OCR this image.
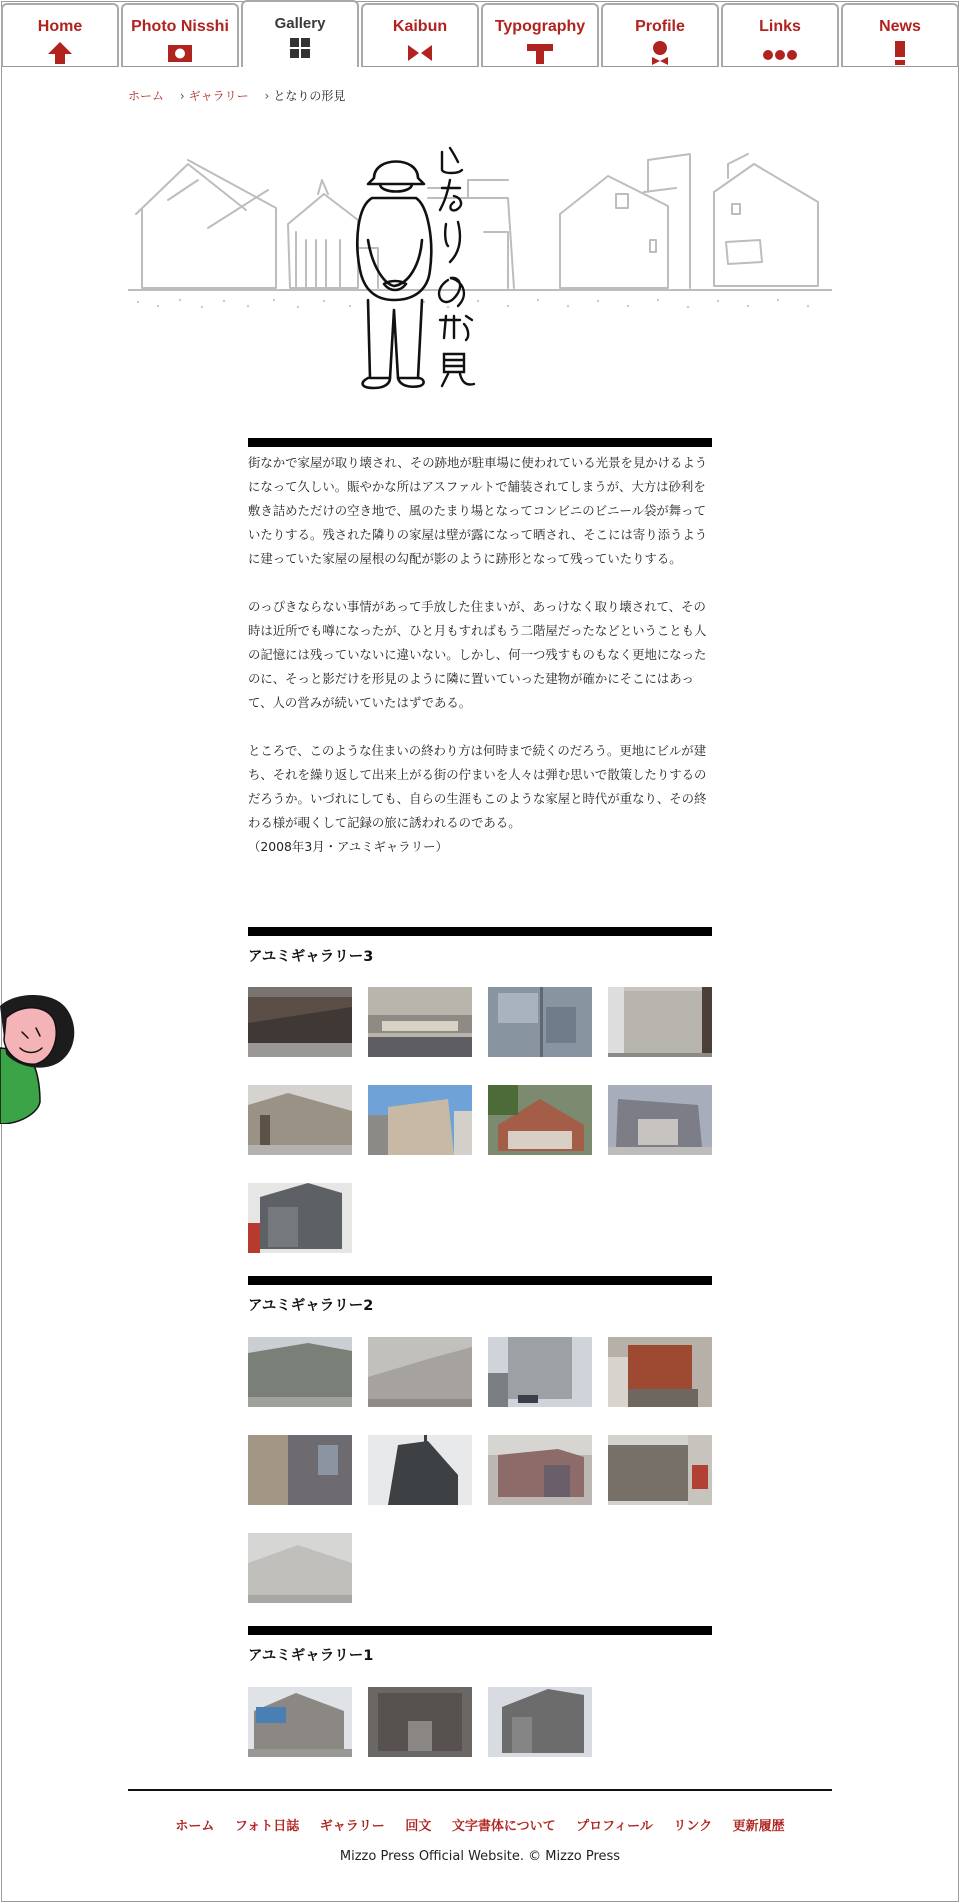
Home	Photo Nisshi	Gallery	Kaibun	Typography	Profile	Links	News
ホーム › ギャラリー › となりの形見

街なかで家屋が取り壊され、その跡地が駐車場に使われている光景を見かけるようになって久しい。賑やかな所はアスファルトで舗装されてしまうが、大方は砂利を敷き詰めただけの空き地で、風のたまり場となってコンビニのビニール袋が舞っていたりする。残された隣りの家屋は壁が露になって晒され、そこには寄り添うように建っていた家屋の屋根の勾配が影のように跡形となって残っていたりする。

のっぴきならない事情があって手放した住まいが、あっけなく取り壊されて、その時は近所でも噂になったが、ひと月もすればもう二階屋だったなどということも人の記憶には残っていないに違いない。しかし、何一つ残すものもなく更地になったのに、そっと影だけを形見のように隣に置いていった建物が確かにそこにはあって、人の営みが続いていたはずである。

ところで、このような住まいの終わり方は何時まで続くのだろう。更地にビルが建ち、それを繰り返して出来上がる街の佇まいを人々は弾む思いで散策したりするのだろうか。いづれにしても、自らの生涯もこのような家屋と時代が重なり、その終わる様が覗くして記録の旅に誘われるのである。

（2008年3月・アユミギャラリー）

アユミギャラリー3
アユミギャラリー2
アユミギャラリー1
ホーム フォト日誌 ギャラリー 回文 文字書体について プロフィール リンク 更新履歴
Mizzo Press Official Website. © Mizzo Press
